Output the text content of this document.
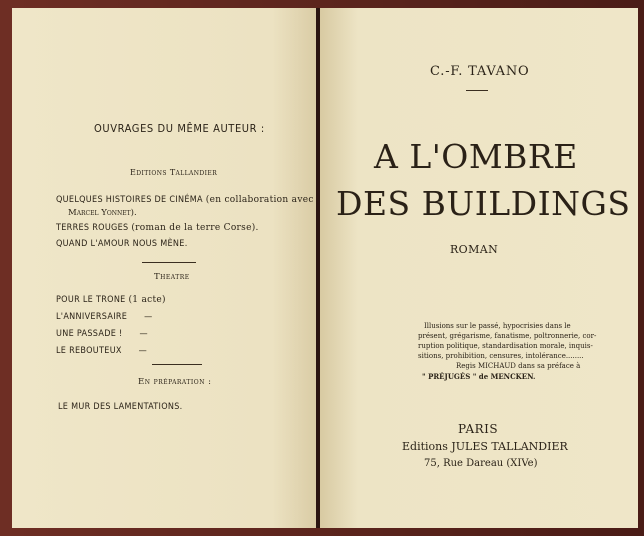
OUVRAGES DU MÊME AUTEUR :
Editions Tallandier
QUELQUES HISTOIRES DE CINÉMA (en collaboration avec
Marcel Yonnet).
TERRES ROUGES (roman de la terre Corse).
QUAND L'AMOUR NOUS MÈNE.
Theatre
POUR LE TRONE (1 acte)
L'ANNIVERSAIRE —
UNE PASSADE ! —
LE REBOUTEUX —
En préparation :
LE MUR DES LAMENTATIONS.
C.-F. TAVANO
A L'OMBRE
DES BUILDINGS
ROMAN
Illusions sur le passé, hypocrisies dans le
présent, grégarisme, fanatisme, poltronnerie, cor-
ruption politique, standardisation morale, inquis-
sitions, prohibition, censures, intolérance........
Regis MICHAUD dans sa préface à
" PRÉJUGÉS " de MENCKEN.
PARIS
Editions JULES TALLANDIER
75, Rue Dareau (XIVe)
